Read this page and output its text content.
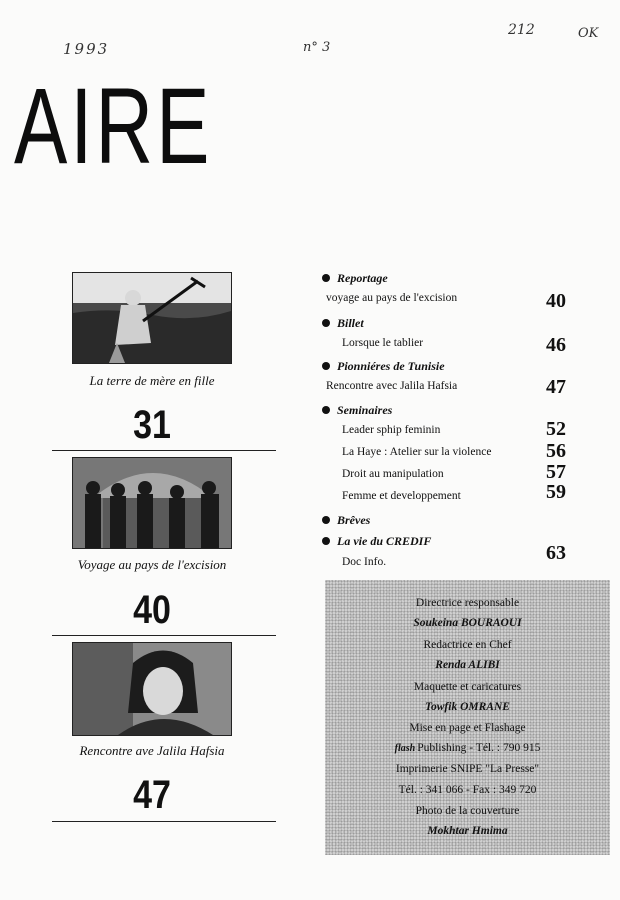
1993	n° 3
212	OK
AIRE
La terre de mère en fille
31
Voyage au pays de l'excision
40
Rencontre ave Jalila Hafsia
47
Reportage
voyage au pays de l'excision	40
Billet
Lorsque le tablier	46
Pionniéres de Tunisie
Rencontre avec Jalila Hafsia	47
Seminaires
Leader sphip feminin	52
La Haye : Atelier sur la violence	56
Droit au manipulation	57
Femme et developpement	59
Brêves
La vie du CREDIF
Doc Info.	63
Directrice responsable
Soukeina BOURAOUI
Redactrice en Chef
Renda ALIBI
Maquette et caricatures
Towfik OMRANE
Mise en page et Flashage
flash Publishing - Tél. : 790 915
Imprimerie SNIPE "La Presse"
Tél. : 341 066 - Fax : 349 720
Photo de la couverture
Mokhtar Hmima
